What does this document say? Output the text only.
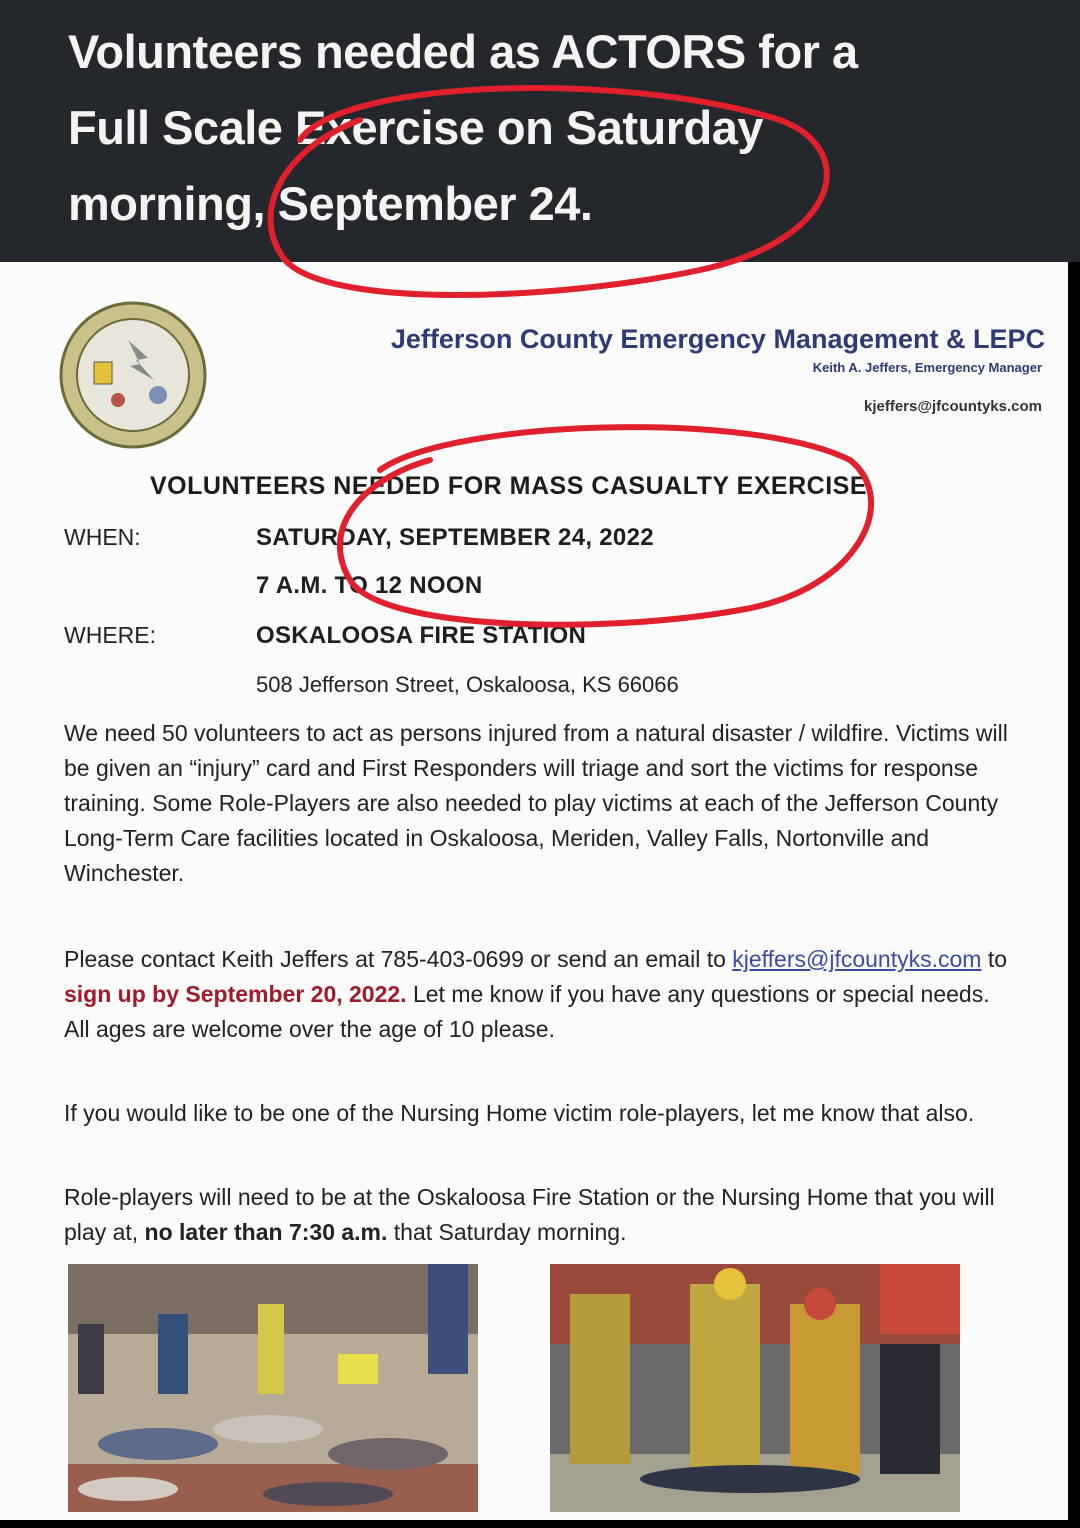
Volunteers needed as ACTORS for a
Full Scale Exercise on Saturday
morning, September 24.
Jefferson County Emergency Management & LEPC
Keith A. Jeffers, Emergency Manager
kjeffers@jfcountyks.com
VOLUNTEERS NEEDED FOR MASS CASUALTY EXERCISE
WHEN:	SATURDAY, SEPTEMBER 24, 2022
7 A.M. TO 12 NOON
WHERE:	OSKALOOSA FIRE STATION
508 Jefferson Street, Oskaloosa, KS 66066

We need 50 volunteers to act as persons injured from a natural disaster / wildfire. Victims will be given an “injury” card and First Responders will triage and sort the victims for response training. Some Role-Players are also needed to play victims at each of the Jefferson County Long-Term Care facilities located in Oskaloosa, Meriden, Valley Falls, Nortonville and Winchester.

Please contact Keith Jeffers at 785-403-0699 or send an email to kjeffers@jfcountyks.com to sign up by September 20, 2022. Let me know if you have any questions or special needs. All ages are welcome over the age of 10 please.

If you would like to be one of the Nursing Home victim role-players, let me know that also.

Role-players will need to be at the Oskaloosa Fire Station or the Nursing Home that you will play at, no later than 7:30 a.m. that Saturday morning.
